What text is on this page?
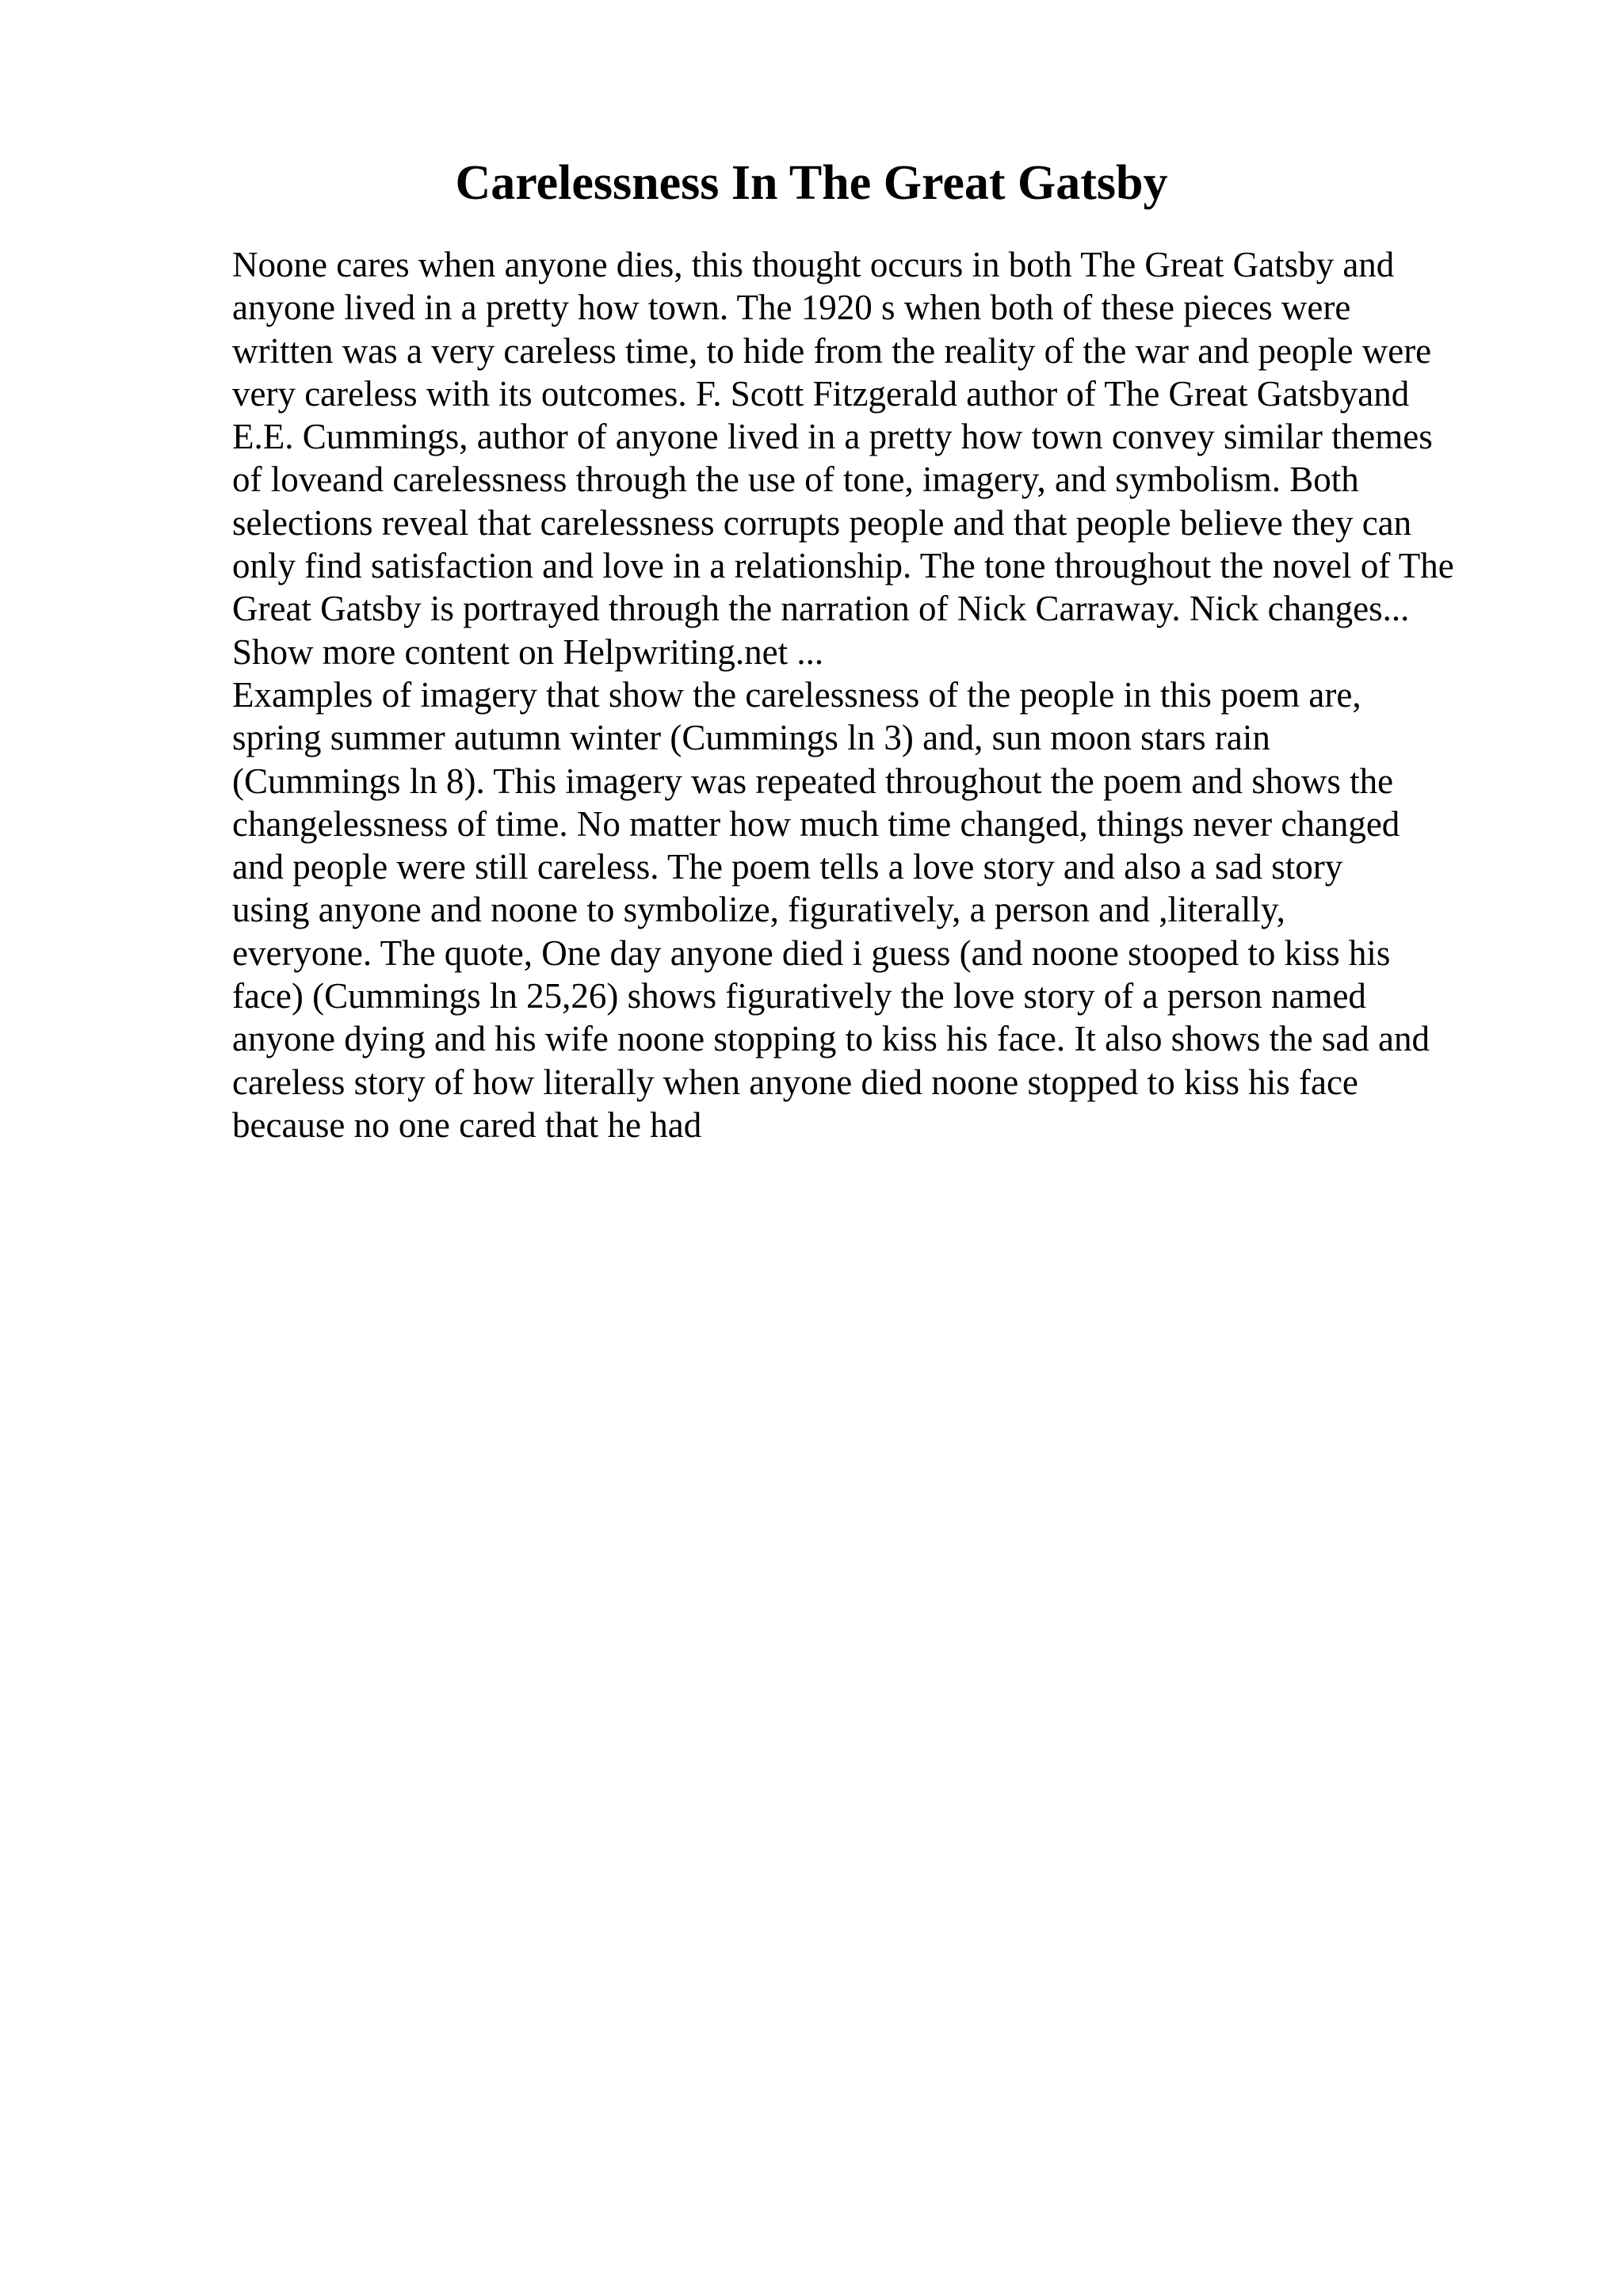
Carelessness In The Great Gatsby
Noone cares when anyone dies, this thought occurs in both The Great Gatsby and
anyone lived in a pretty how town. The 1920 s when both of these pieces were
written was a very careless time, to hide from the reality of the war and people were
very careless with its outcomes. F. Scott Fitzgerald author of The Great Gatsbyand
E.E. Cummings, author of anyone lived in a pretty how town convey similar themes
of loveand carelessness through the use of tone, imagery, and symbolism. Both
selections reveal that carelessness corrupts people and that people believe they can
only find satisfaction and love in a relationship. The tone throughout the novel of The
Great Gatsby is portrayed through the narration of Nick Carraway. Nick changes...
Show more content on Helpwriting.net ...
Examples of imagery that show the carelessness of the people in this poem are,
spring summer autumn winter (Cummings ln 3) and, sun moon stars rain
(Cummings ln 8). This imagery was repeated throughout the poem and shows the
changelessness of time. No matter how much time changed, things never changed
and people were still careless. The poem tells a love story and also a sad story
using anyone and noone to symbolize, figuratively, a person and ,literally,
everyone. The quote, One day anyone died i guess (and noone stooped to kiss his
face) (Cummings ln 25,26) shows figuratively the love story of a person named
anyone dying and his wife noone stopping to kiss his face. It also shows the sad and
careless story of how literally when anyone died noone stopped to kiss his face
because no one cared that he had
